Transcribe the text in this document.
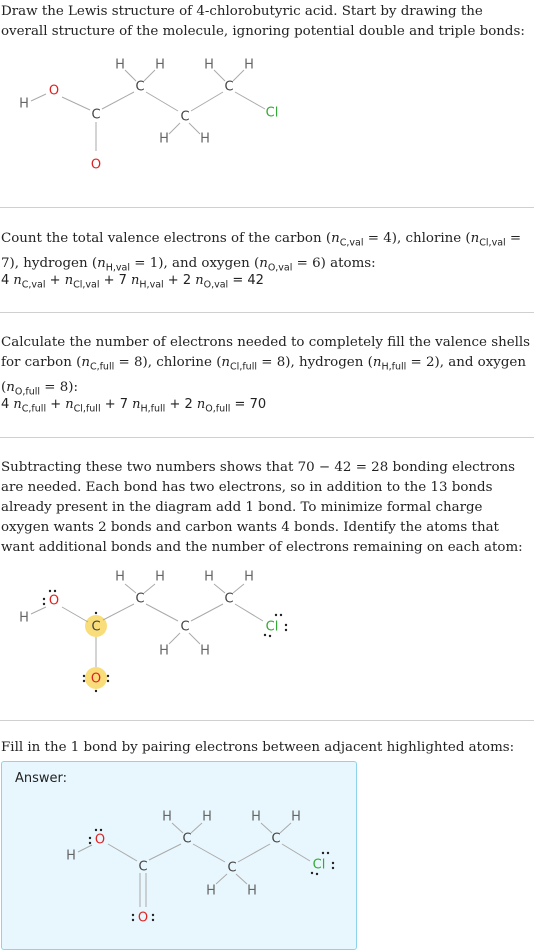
Draw the Lewis structure of 4-chlorobutyric acid. Start by drawing the overall structure of the molecule, ignoring potential double and triple bonds:

H
O
C
O
C
C
C
Cl
H H
H H
H H

Count the total valence electrons of the carbon $(n_{C,val} = 4)$, chlorine $(n_{Cl,val} = 7)$, hydrogen $(n_{H,val} = 1)$, and oxygen $(n_{O,val} = 6)$ atoms:

4 $n_{C,val} + n_{Cl,val} + 7$ $n_{H,val} + 2$ $n_{O,val} = 42$

Calculate the number of electrons needed to completely fill the valence shells for carbon $(n_{C,full} = 8)$, chlorine $(n_{Cl,full} = 8)$, hydrogen $(n_{H,full} = 2)$, and oxygen $(n_{O,full} = 8)$:

4 $n_{C,full} + n_{Cl,full} + 7$ $n_{H,full} + 2$ $n_{O,full} = 70$

Subtracting these two numbers shows that 70 − 42 = 28 bonding electrons are needed. Each bond has two electrons, so in addition to the 13 bonds already present in the diagram add 1 bond. To minimize formal charge oxygen wants 2 bonds and carbon wants 4 bonds. Identify the atoms that want additional bonds and the number of electrons remaining on each atom:

H
O
C
O
C
C
C
Cl
H H
H H
H H

Fill in the 1 bond by pairing electrons between adjacent highlighted atoms:

Answer:
H
O
C
O
C
C
C
Cl
H H
H H
H H
